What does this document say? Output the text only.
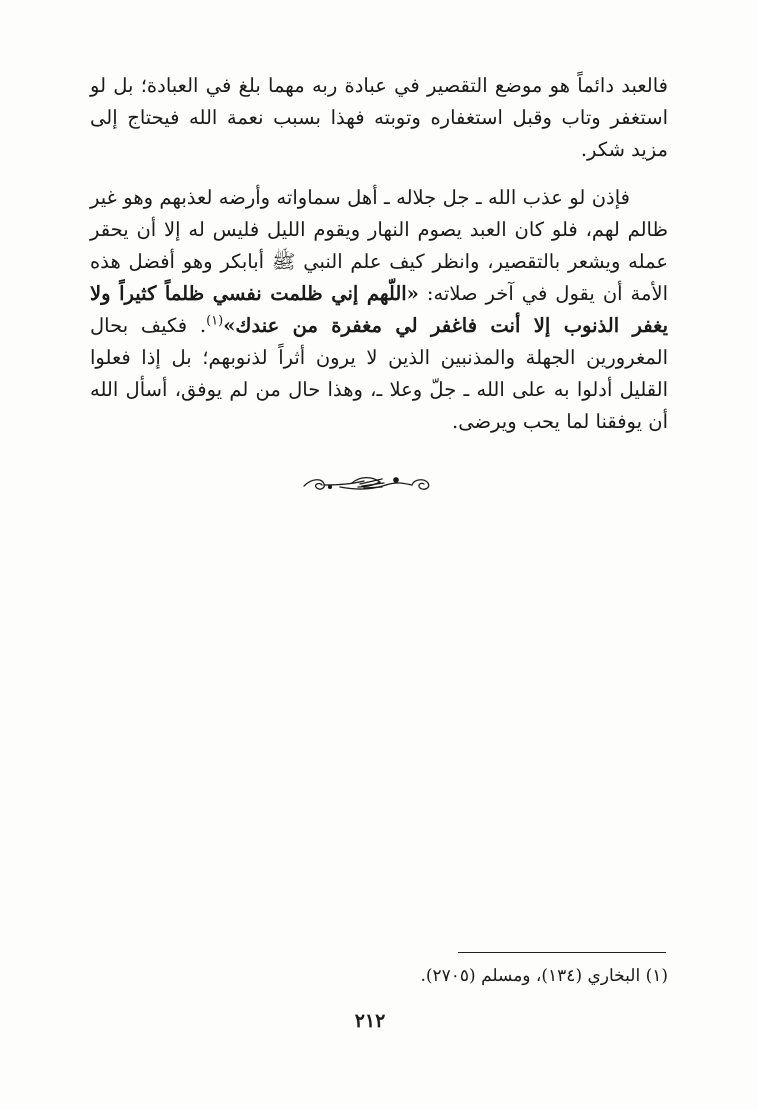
فالعبد دائماً هو موضع التقصير في عبادة ربه مهما بلغ في العبادة؛ بل لو استغفر وتاب وقبل استغفاره وتوبته فهذا بسبب نعمة الله فيحتاج إلى مزيد شكر.
فإذن لو عذب الله ـ جل جلاله ـ أهل سماواته وأرضه لعذبهم وهو غير ظالم لهم، فلو كان العبد يصوم النهار ويقوم الليل فليس له إلا أن يحقر عمله ويشعر بالتقصير، وانظر كيف علم النبي ﷺ أبابكر وهو أفضل هذه الأمة أن يقول في آخر صلاته: «اللّهم إني ظلمت نفسي ظلماً كثيراً ولا يغفر الذنوب إلا أنت فاغفر لي مغفرة من عندك»$^{(١)}$. فكيف بحال المغرورين الجهلة والمذنبين الذين لا يرون أثراً لذنوبهم؛ بل إذا فعلوا القليل أدلوا به على الله ـ جلّ وعلا ـ، وهذا حال من لم يوفق، أسأل الله أن يوفقنا لما يحب ويرضى.
(١) البخاري (١٣٤)، ومسلم (٢٧٠٥).
٢١٢
